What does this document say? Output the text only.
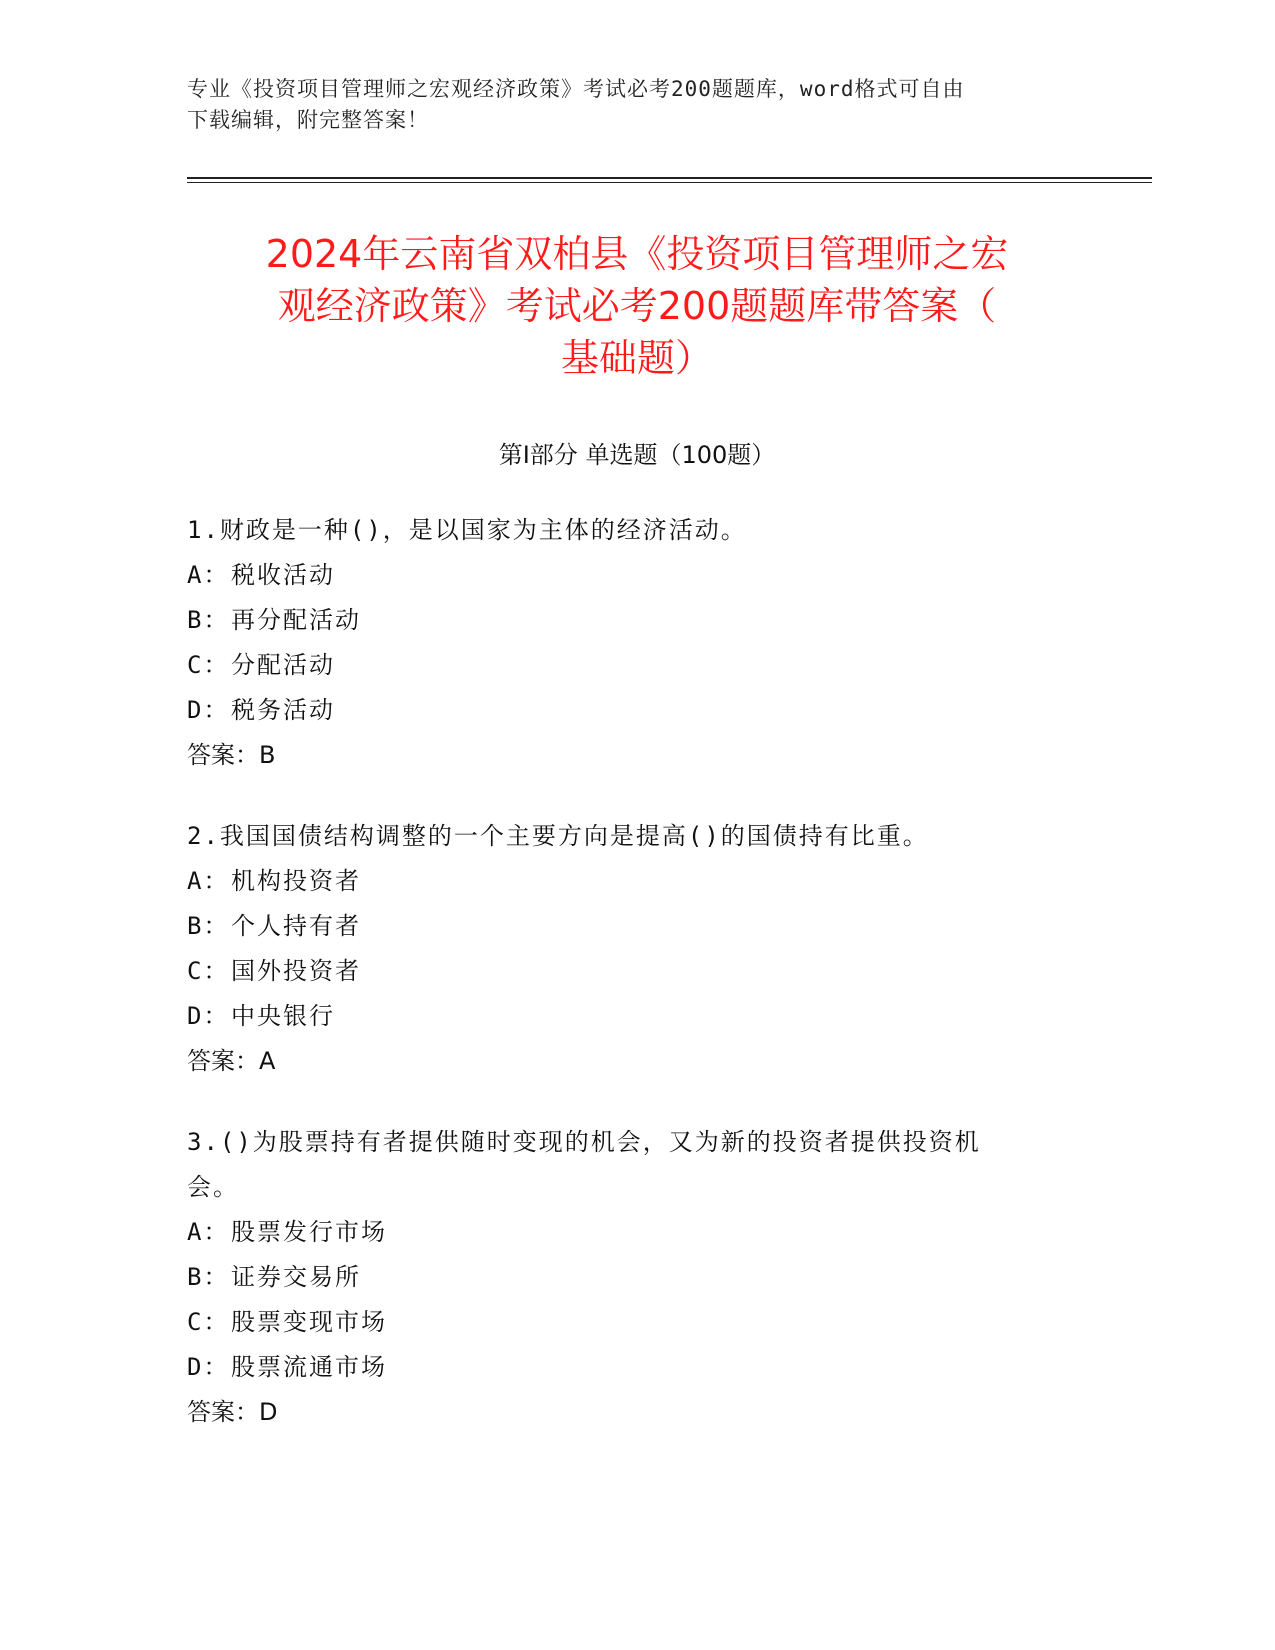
专业《投资项目管理师之宏观经济政策》考试必考200题题库，word格式可自由

下载编辑，附完整答案！

2024年云南省双柏县《投资项目管理师之宏

观经济政策》考试必考200题题库带答案（

基础题）

第Ⅰ部分 单选题（100题）

1.财政是一种()，是以国家为主体的经济活动。

A： 税收活动

B： 再分配活动

C： 分配活动

D： 税务活动

答案：B

2.我国国债结构调整的一个主要方向是提高()的国债持有比重。

A： 机构投资者

B： 个人持有者

C： 国外投资者

D： 中央银行

答案：A

3.()为股票持有者提供随时变现的机会，又为新的投资者提供投资机

会。

A： 股票发行市场

B： 证券交易所

C： 股票变现市场

D： 股票流通市场

答案：D
